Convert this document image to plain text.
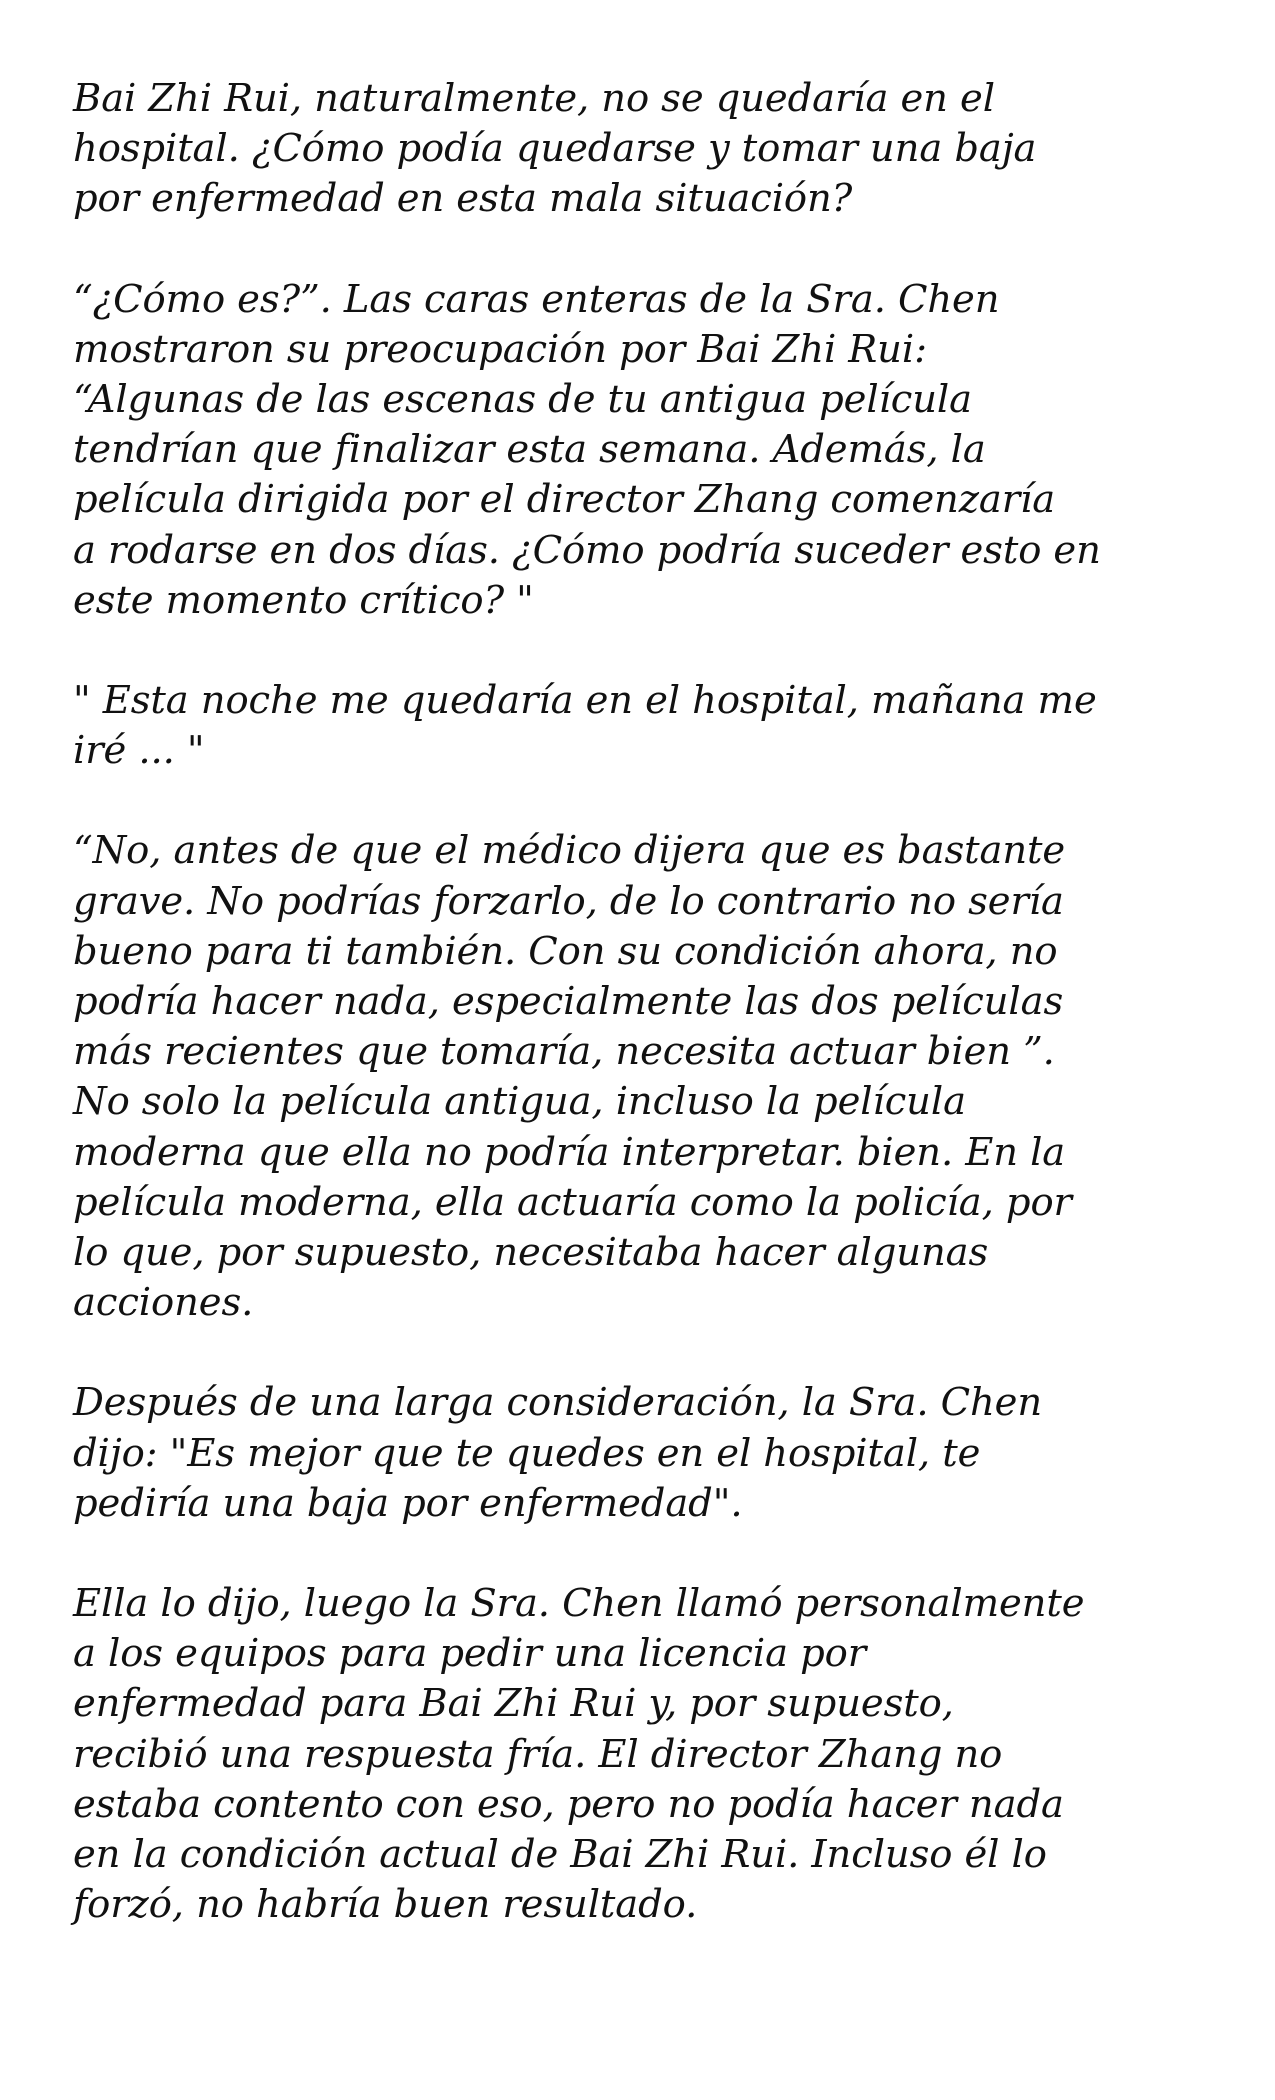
Bai Zhi Rui, naturalmente, no se quedaría en el
hospital. ¿Cómo podía quedarse y tomar una baja
por enfermedad en esta mala situación?

“¿Cómo es?”. Las caras enteras de la Sra. Chen
mostraron su preocupación por Bai Zhi Rui:
“Algunas de las escenas de tu antigua película
tendrían que finalizar esta semana. Además, la
película dirigida por el director Zhang comenzaría
a rodarse en dos días. ¿Cómo podría suceder esto en
este momento crítico? "

" Esta noche me quedaría en el hospital, mañana me
iré ... "

“No, antes de que el médico dijera que es bastante
grave. No podrías forzarlo, de lo contrario no sería
bueno para ti también. Con su condición ahora, no
podría hacer nada, especialmente las dos películas
más recientes que tomaría, necesita actuar bien ”.
No solo la película antigua, incluso la película
moderna que ella no podría interpretar. bien. En la
película moderna, ella actuaría como la policía, por
lo que, por supuesto, necesitaba hacer algunas
acciones.

Después de una larga consideración, la Sra. Chen
dijo: "Es mejor que te quedes en el hospital, te
pediría una baja por enfermedad".

Ella lo dijo, luego la Sra. Chen llamó personalmente
a los equipos para pedir una licencia por
enfermedad para Bai Zhi Rui y, por supuesto,
recibió una respuesta fría. El director Zhang no
estaba contento con eso, pero no podía hacer nada
en la condición actual de Bai Zhi Rui. Incluso él lo
forzó, no habría buen resultado.
